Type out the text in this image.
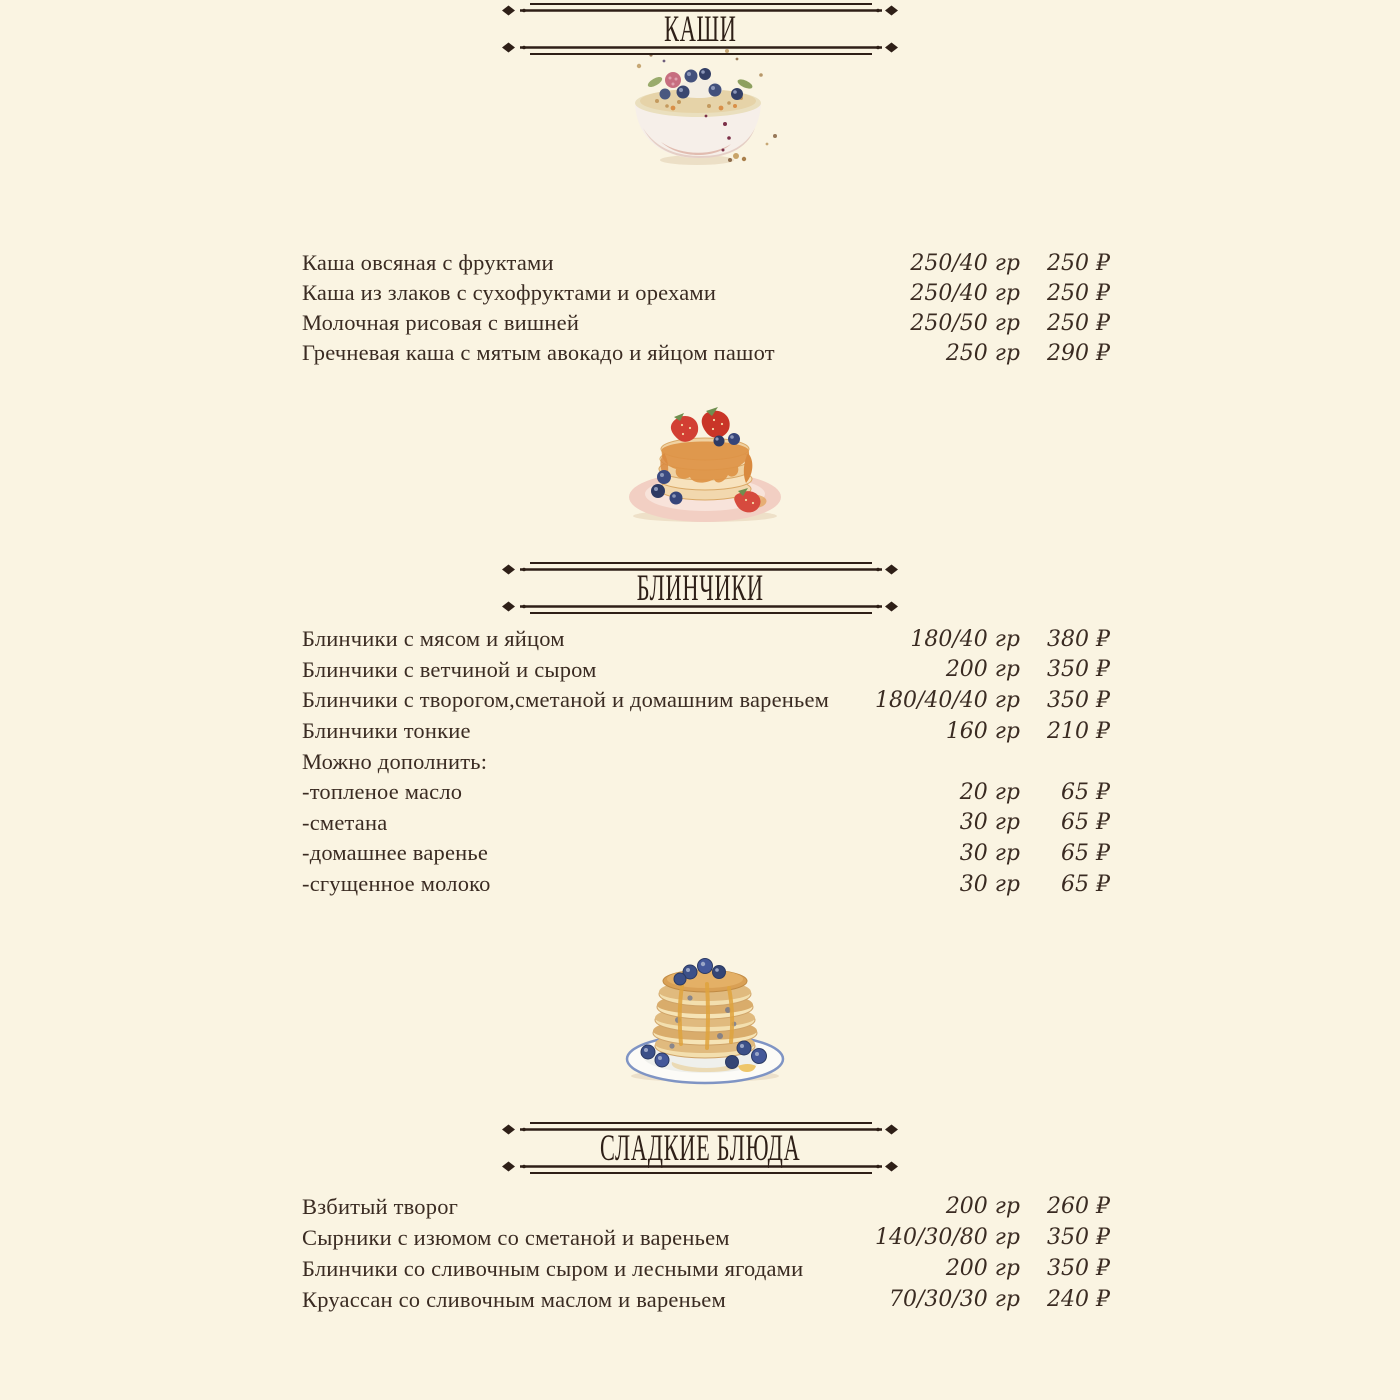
КАШИ
Каша овсяная с фруктами	250/40 гр	250 ₽
Каша из злаков с сухофруктами и орехами	250/40 гр	250 ₽
Молочная рисовая с вишней	250/50 гр	250 ₽
Гречневая каша с мятым авокадо и яйцом пашот	250 гр	290 ₽
БЛИНЧИКИ
Блинчики с мясом и яйцом	180/40 гр	380 ₽
Блинчики с ветчиной и сыром	200 гр	350 ₽
Блинчики с творогом,сметаной и домашним вареньем	180/40/40 гр	350 ₽
Блинчики тонкие	160 гр	210 ₽
Можно дополнить:
-топленое масло	20 гр	65 ₽
-сметана	30 гр	65 ₽
-домашнее варенье	30 гр	65 ₽
-сгущенное молоко	30 гр	65 ₽
СЛАДКИЕ БЛЮДА
Взбитый творог	200 гр	260 ₽
Сырники с изюмом со сметаной и вареньем	140/30/80 гр	350 ₽
Блинчики со сливочным сыром и лесными ягодами	200 гр	350 ₽
Круассан со сливочным маслом и вареньем	70/30/30 гр	240 ₽
